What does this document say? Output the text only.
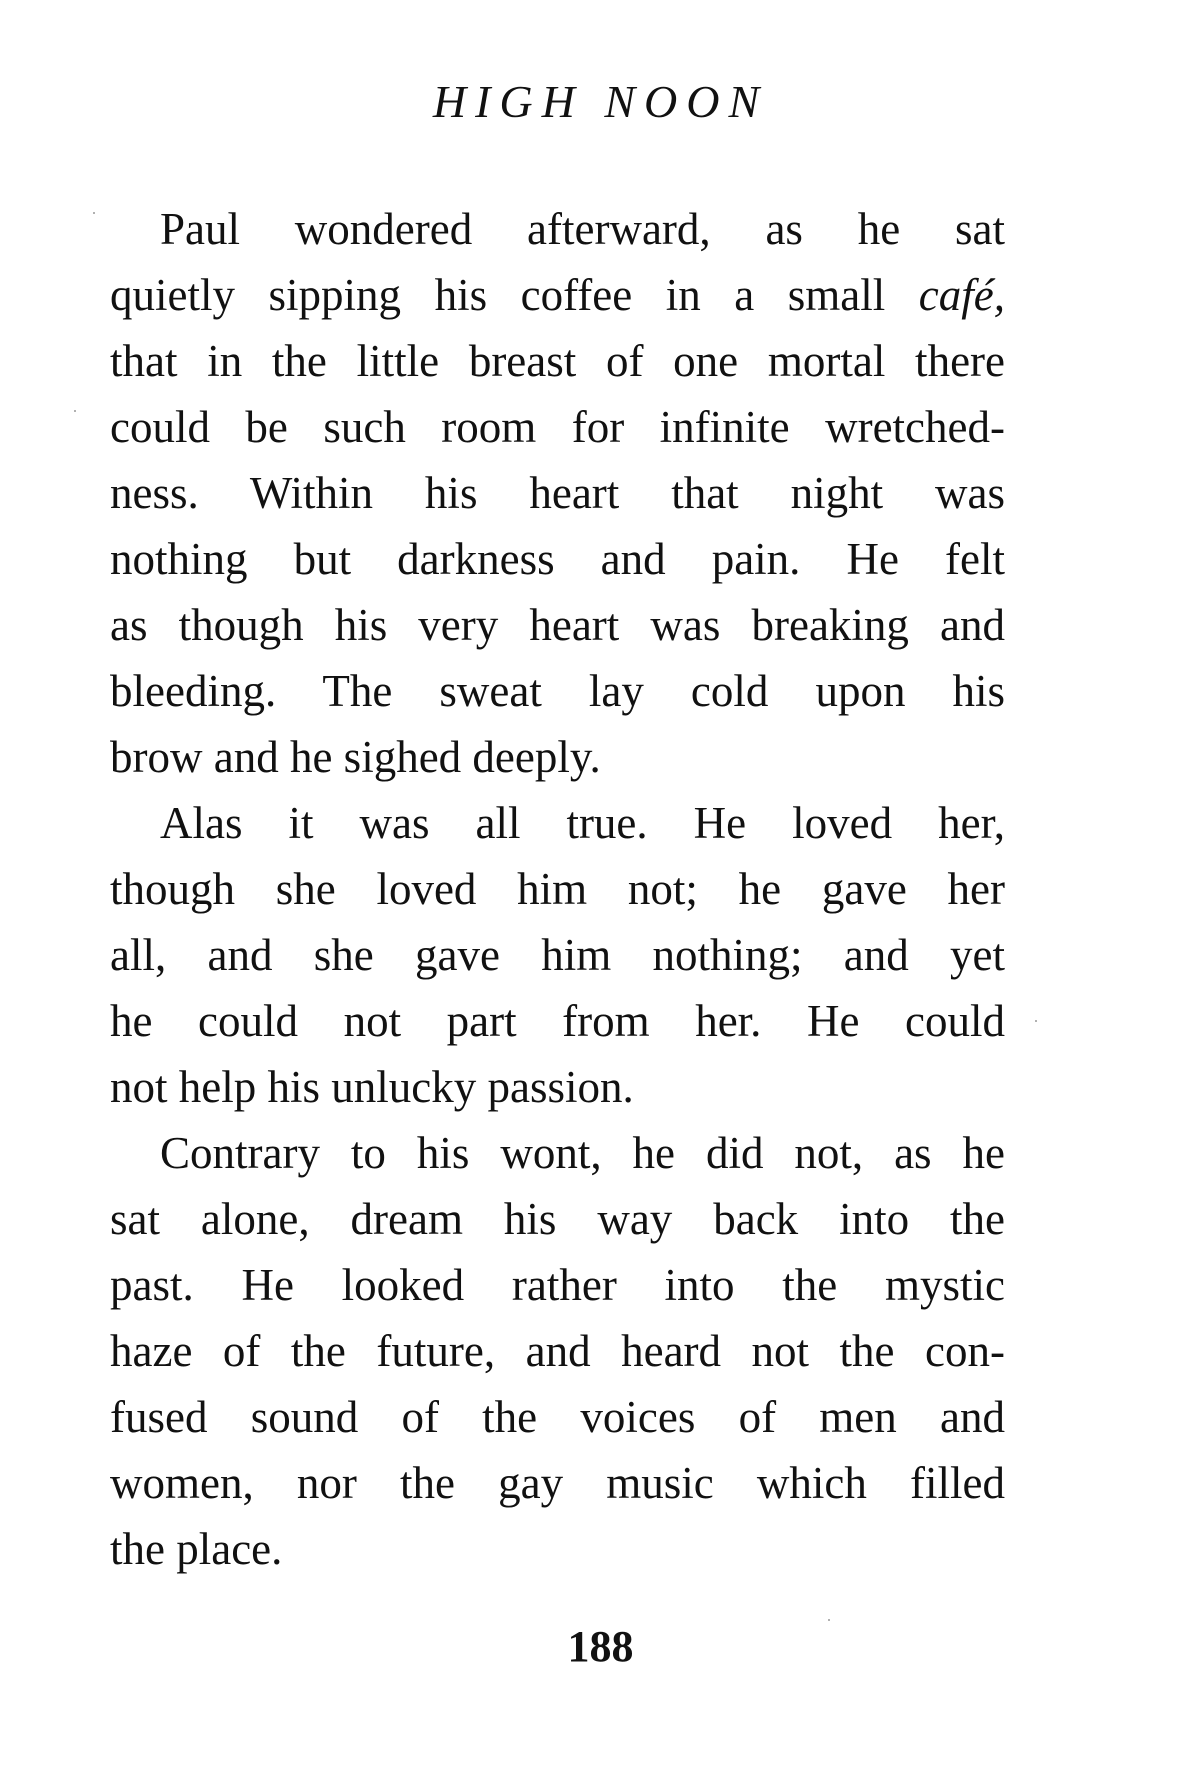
HIGH NOON

Paul wondered afterward, as he sat
quietly sipping his coffee in a small café,
that in the little breast of one mortal there
could be such room for infinite wretched-
ness. Within his heart that night was
nothing but darkness and pain. He felt
as though his very heart was breaking and
bleeding. The sweat lay cold upon his
brow and he sighed deeply.

Alas it was all true. He loved her,
though she loved him not; he gave her
all, and she gave him nothing; and yet
he could not part from her. He could
not help his unlucky passion.

Contrary to his wont, he did not, as he
sat alone, dream his way back into the
past. He looked rather into the mystic
haze of the future, and heard not the con-
fused sound of the voices of men and
women, nor the gay music which filled
the place.

188
